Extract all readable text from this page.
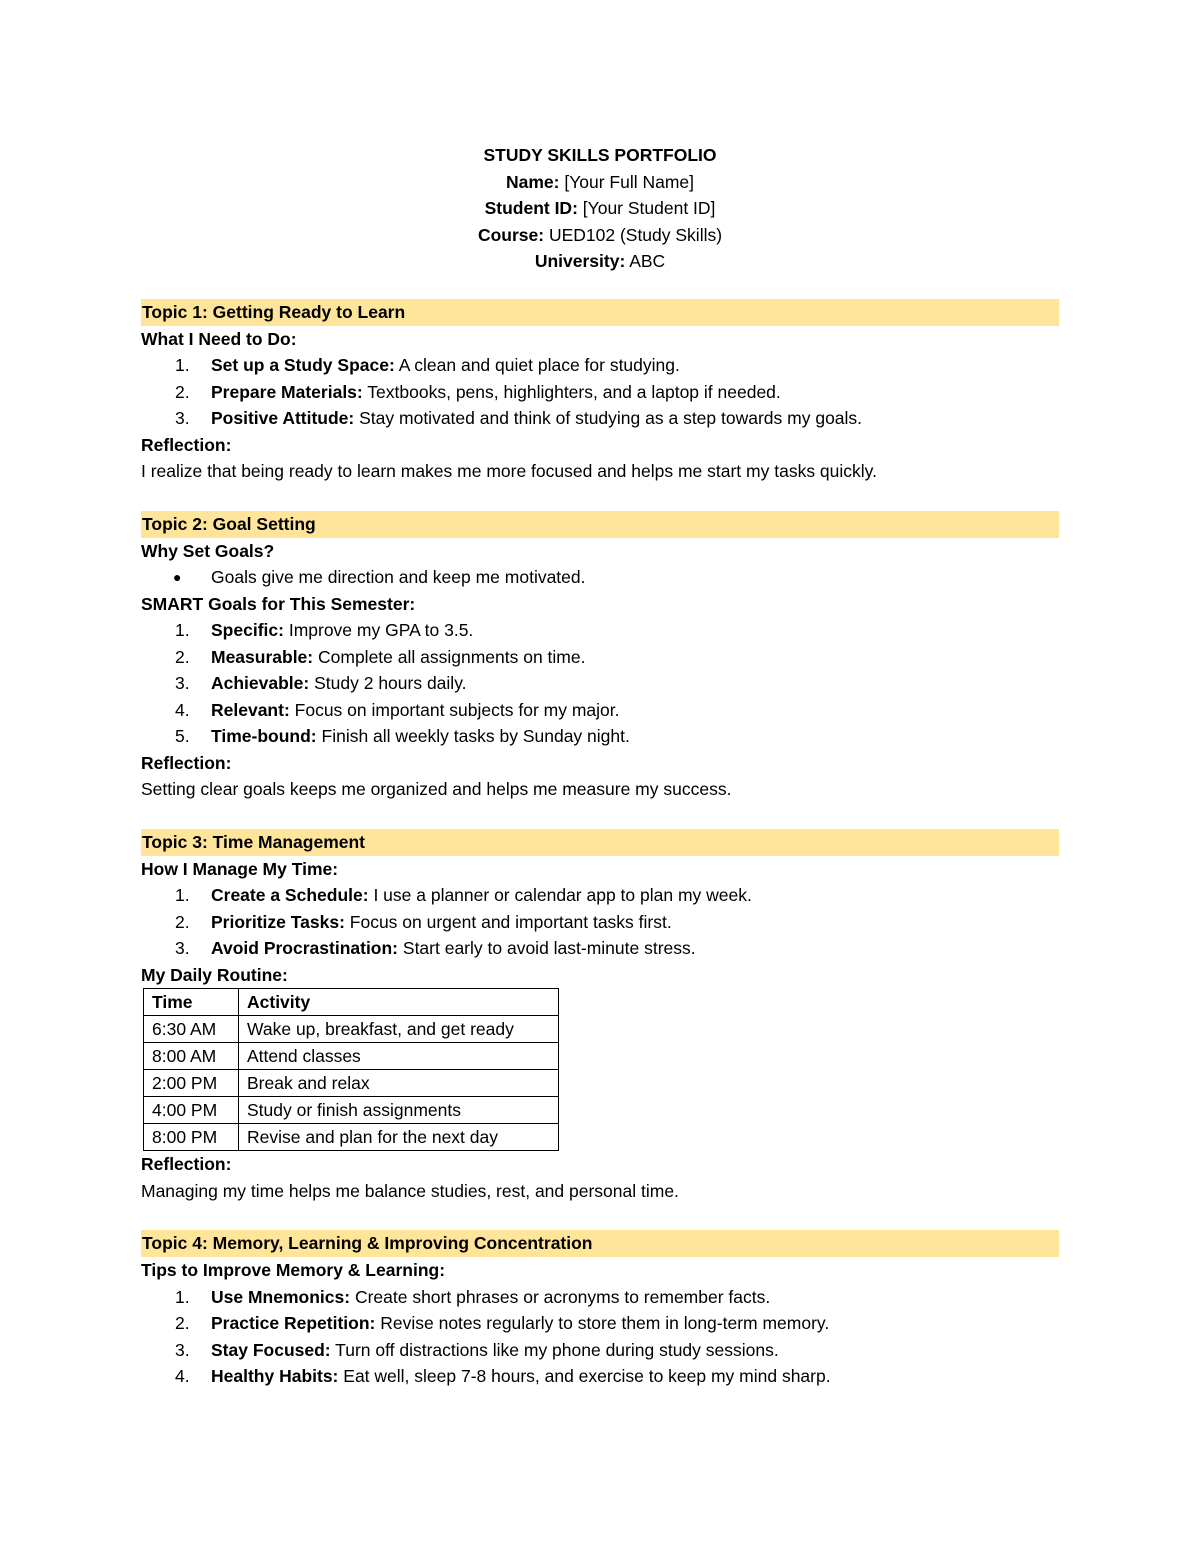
STUDY SKILLS PORTFOLIO
Name: [Your Full Name]
Student ID: [Your Student ID]
Course: UED102 (Study Skills)
University: ABC
Topic 1: Getting Ready to Learn
What I Need to Do:
1.	Set up a Study Space: A clean and quiet place for studying.
2.	Prepare Materials: Textbooks, pens, highlighters, and a laptop if needed.
3.	Positive Attitude: Stay motivated and think of studying as a step towards my goals.
Reflection:
I realize that being ready to learn makes me more focused and helps me start my tasks quickly.
Topic 2: Goal Setting
Why Set Goals?
●	Goals give me direction and keep me motivated.
SMART Goals for This Semester:
1.	Specific: Improve my GPA to 3.5.
2.	Measurable: Complete all assignments on time.
3.	Achievable: Study 2 hours daily.
4.	Relevant: Focus on important subjects for my major.
5.	Time-bound: Finish all weekly tasks by Sunday night.
Reflection:
Setting clear goals keeps me organized and helps me measure my success.
Topic 3: Time Management
How I Manage My Time:
1.	Create a Schedule: I use a planner or calendar app to plan my week.
2.	Prioritize Tasks: Focus on urgent and important tasks first.
3.	Avoid Procrastination: Start early to avoid last-minute stress.
My Daily Routine:
Time	Activity
6:30 AM	Wake up, breakfast, and get ready
8:00 AM	Attend classes
2:00 PM	Break and relax
4:00 PM	Study or finish assignments
8:00 PM	Revise and plan for the next day
Reflection:
Managing my time helps me balance studies, rest, and personal time.
Topic 4: Memory, Learning & Improving Concentration
Tips to Improve Memory & Learning:
1.	Use Mnemonics: Create short phrases or acronyms to remember facts.
2.	Practice Repetition: Revise notes regularly to store them in long-term memory.
3.	Stay Focused: Turn off distractions like my phone during study sessions.
4.	Healthy Habits: Eat well, sleep 7-8 hours, and exercise to keep my mind sharp.
